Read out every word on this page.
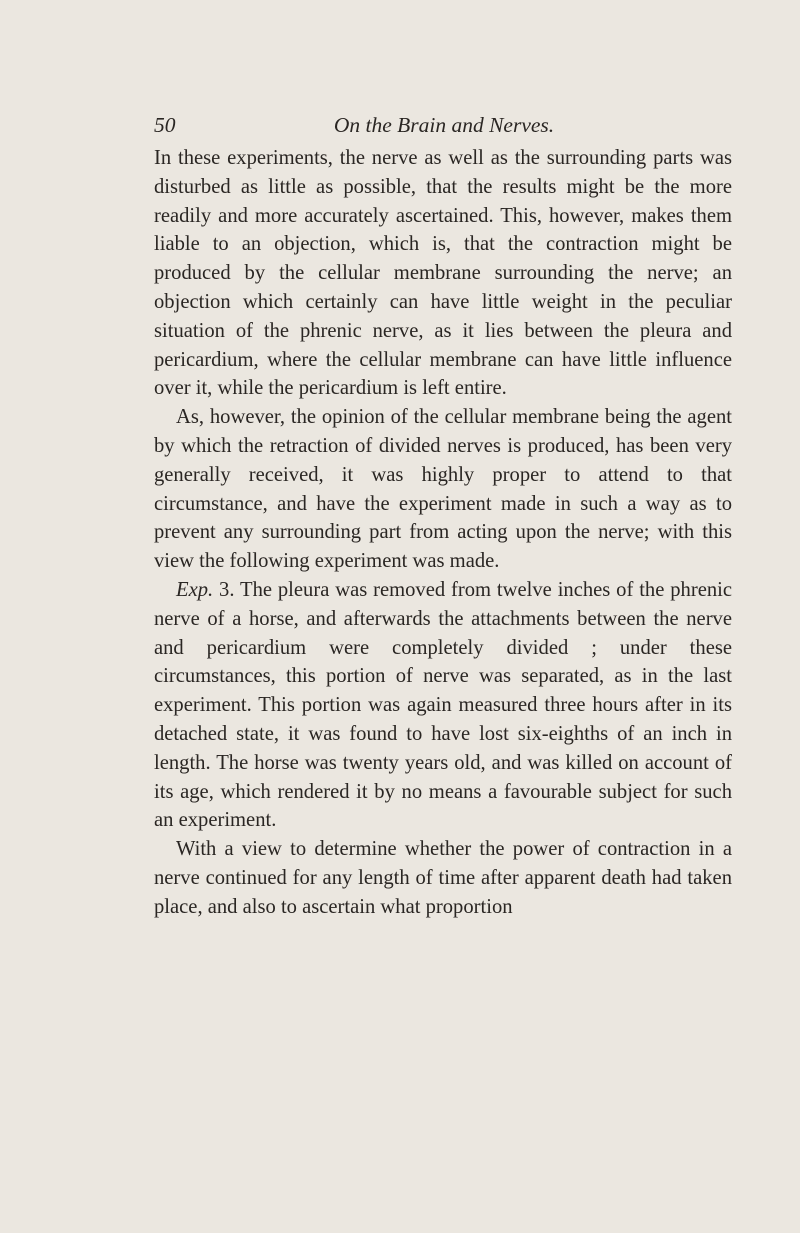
50	On the Brain and Nerves.

In these experiments, the nerve as well as the surrounding parts was disturbed as little as possible, that the results might be the more readily and more accurately ascertained. This, however, makes them liable to an objection, which is, that the contraction might be produced by the cellular membrane surrounding the nerve; an objection which certainly can have little weight in the peculiar situation of the phrenic nerve, as it lies between the pleura and pericardium, where the cellular membrane can have little influence over it, while the pericardium is left entire.

As, however, the opinion of the cellular membrane being the agent by which the retraction of divided nerves is produced, has been very generally received, it was highly proper to attend to that circumstance, and have the experiment made in such a way as to prevent any surrounding part from acting upon the nerve; with this view the following experiment was made.

Exp. 3. The pleura was removed from twelve inches of the phrenic nerve of a horse, and afterwards the attachments between the nerve and pericardium were completely divided ; under these circumstances, this portion of nerve was separated, as in the last experiment. This portion was again measured three hours after in its detached state, it was found to have lost six-eighths of an inch in length. The horse was twenty years old, and was killed on account of its age, which rendered it by no means a favourable subject for such an experiment.

With a view to determine whether the power of contraction in a nerve continued for any length of time after apparent death had taken place, and also to ascertain what proportion
